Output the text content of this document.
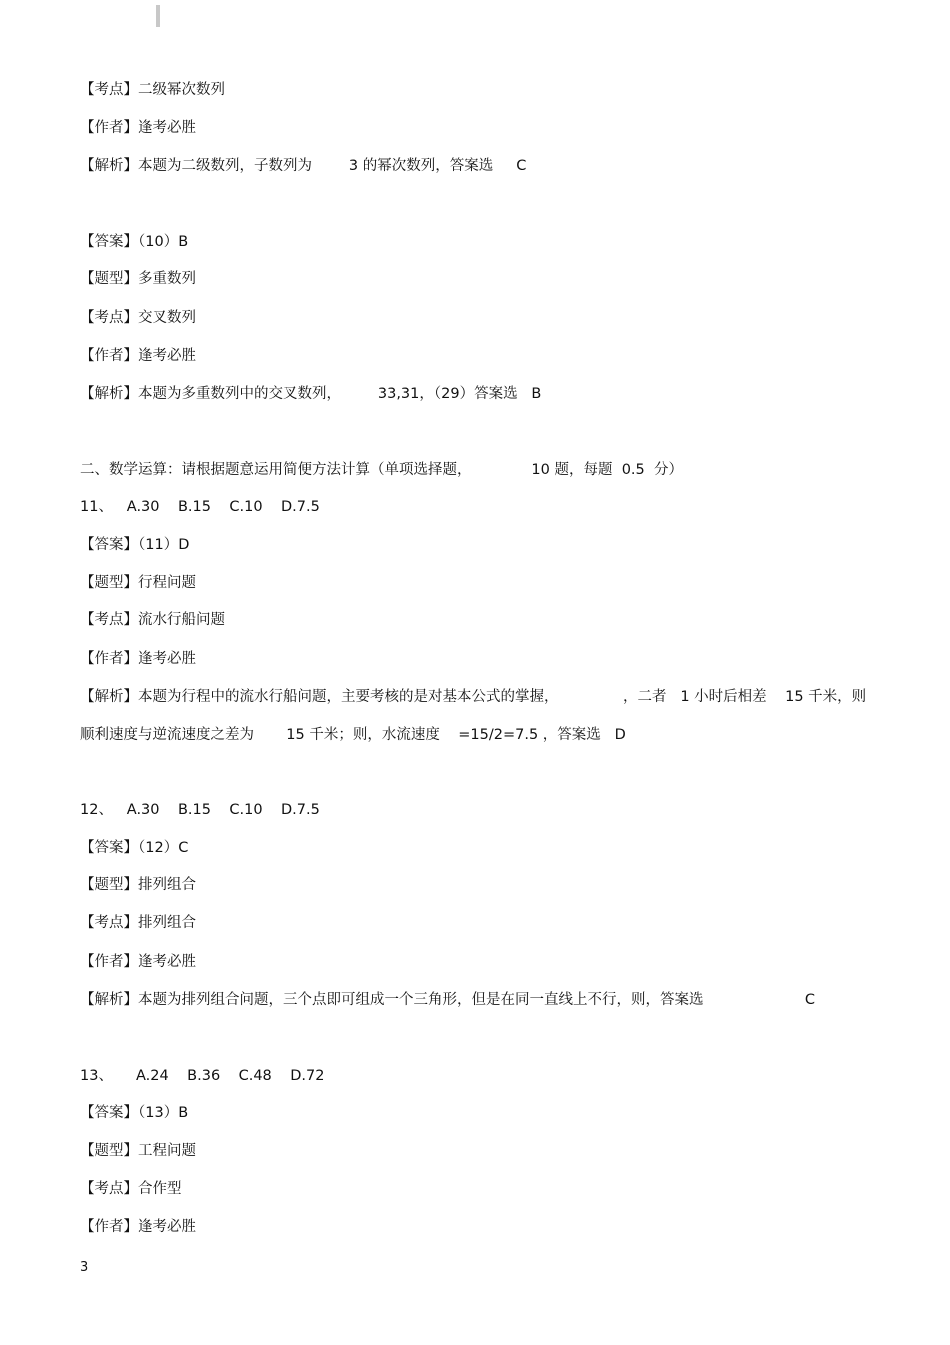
【考点】二级幂次数列
【作者】逢考必胜
【解析】本题为二级数列，子数列为        3 的幂次数列，答案选     C
【答案】（10）B
【题型】多重数列
【考点】交叉数列
【作者】逢考必胜
【解析】本题为多重数列中的交叉数列，        33,31，（29）答案选   B
二、数学运算：请根据题意运用简便方法计算（单项选择题，             10 题，每题  0.5  分）
11、   A.30    B.15    C.10    D.7.5
【答案】（11）D
【题型】行程问题
【考点】流水行船问题
【作者】逢考必胜
【解析】本题为行程中的流水行船问题，主要考核的是对基本公式的掌握，              ，二者   1 小时后相差    15 千米，则
顺利速度与逆流速度之差为       15 千米；则，水流速度    =15/2=7.5 ，答案选   D
12、   A.30    B.15    C.10    D.7.5
【答案】（12）C
【题型】排列组合
【考点】排列组合
【作者】逢考必胜
【解析】本题为排列组合问题，三个点即可组成一个三角形，但是在同一直线上不行，则，答案选                      C
13、     A.24    B.36    C.48    D.72
【答案】（13）B
【题型】工程问题
【考点】合作型
【作者】逢考必胜
3
